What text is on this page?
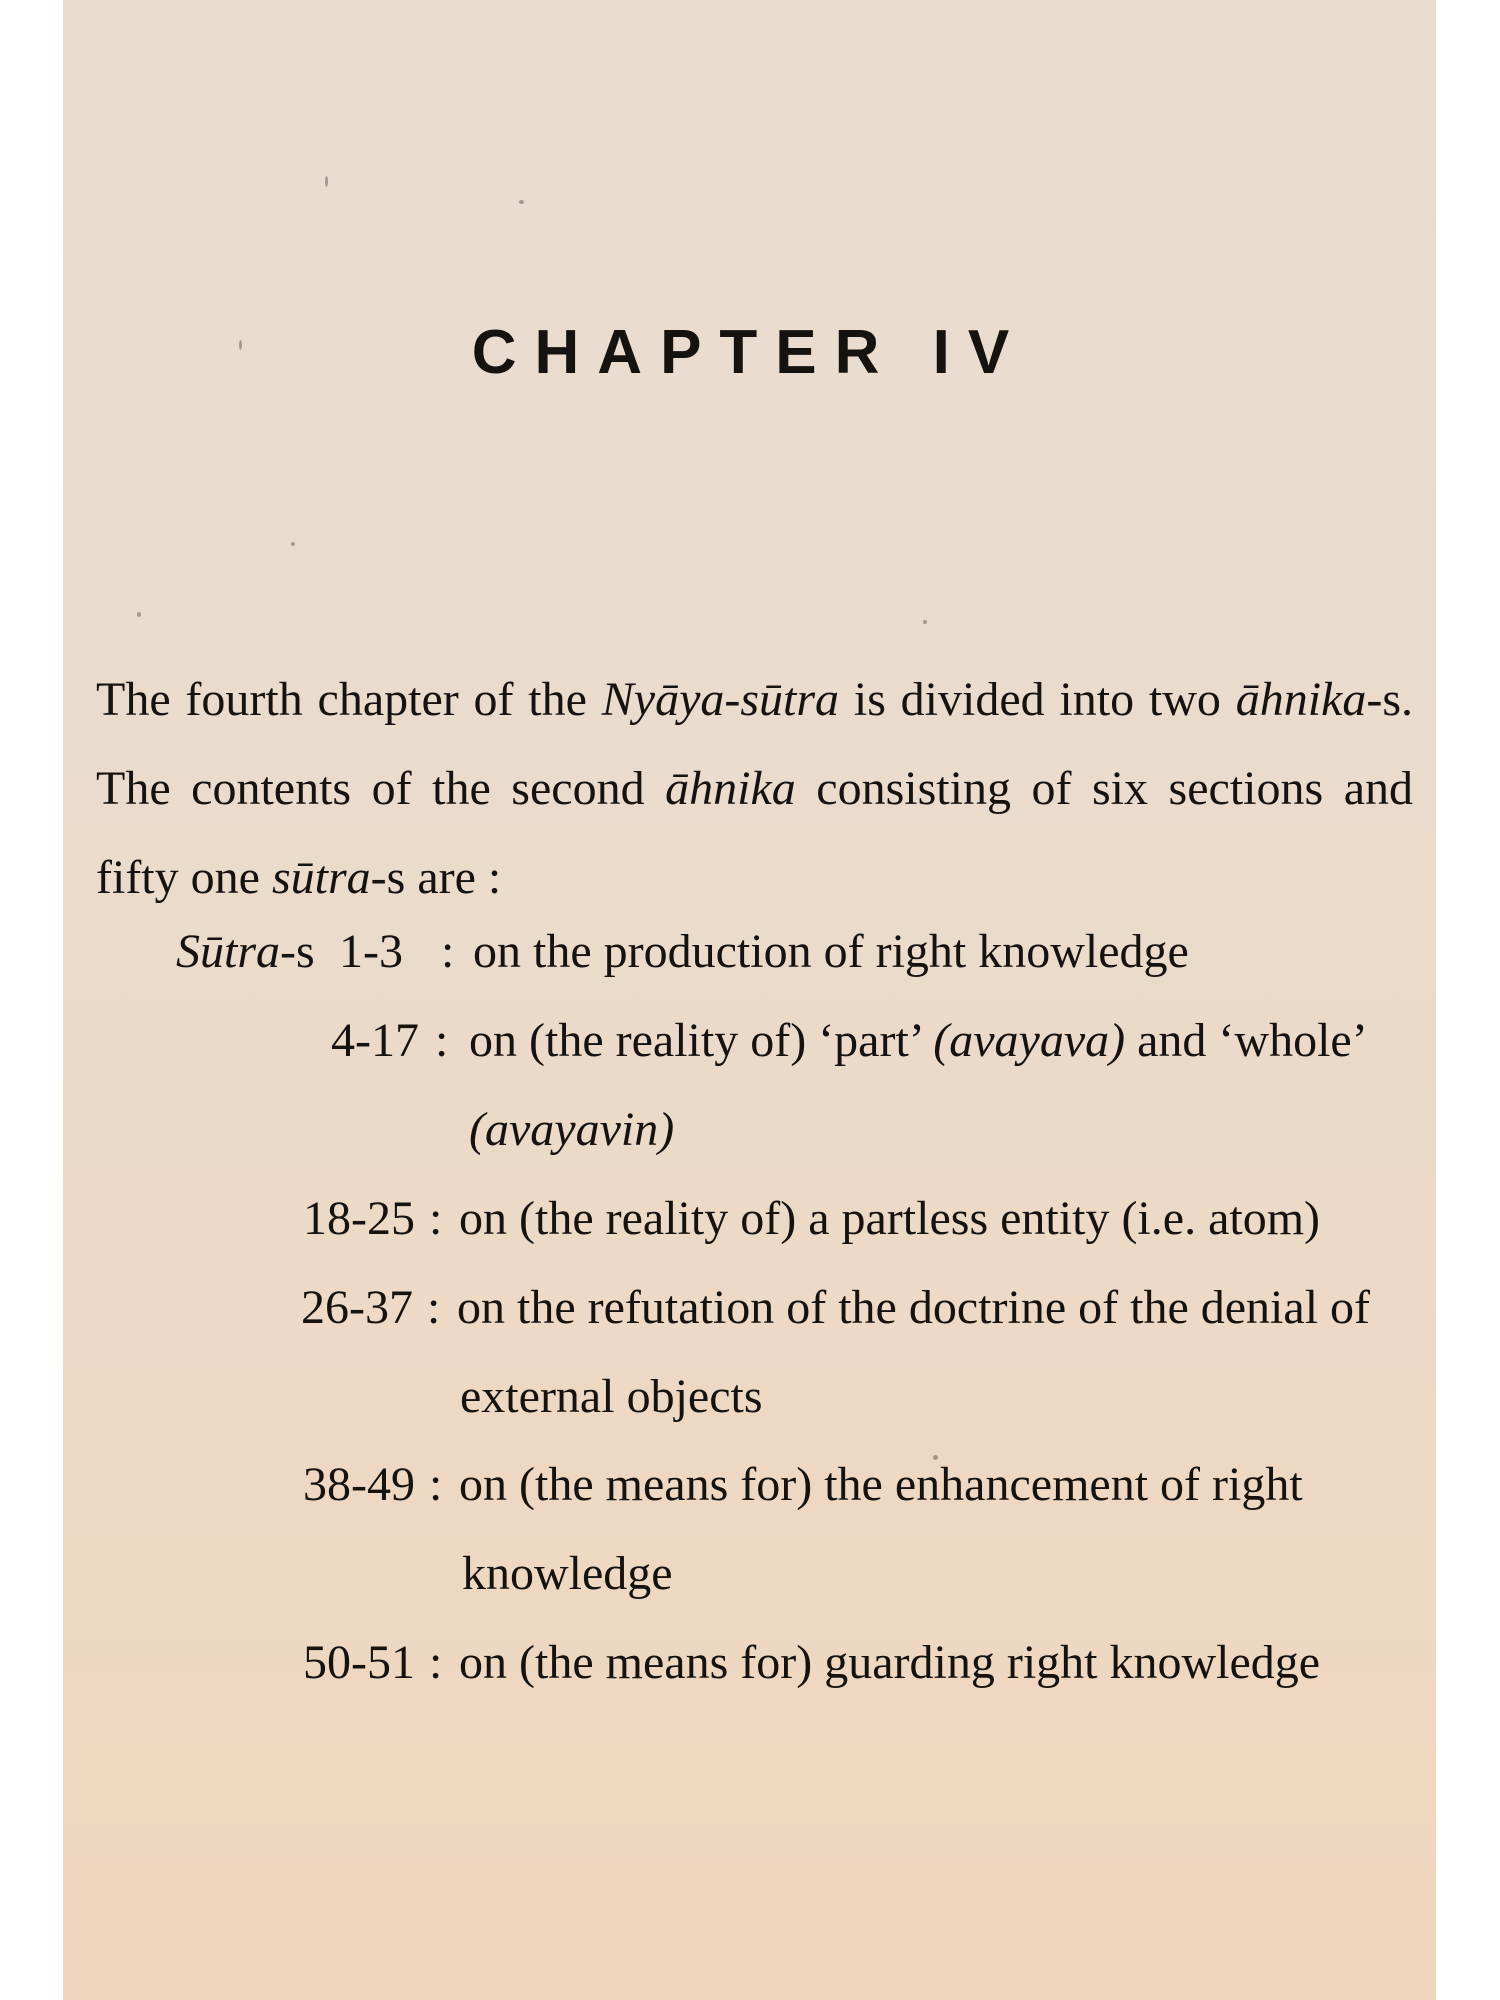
CHAPTER IV

The fourth chapter of the Nyāya-sūtra is divided into two āhnika-s.
The contents of the second āhnika consisting of six sections and
fifty one sūtra-s are :

Sūtra-s 1-3 : on the production of right knowledge
4-17 : on (the reality of) ‘part’ (avayava) and ‘whole’
(avayavin)
18-25 : on (the reality of) a partless entity (i.e. atom)
26-37 : on the refutation of the doctrine of the denial of
external objects
38-49 : on (the means for) the enhancement of right
knowledge
50-51 : on (the means for) guarding right knowledge
